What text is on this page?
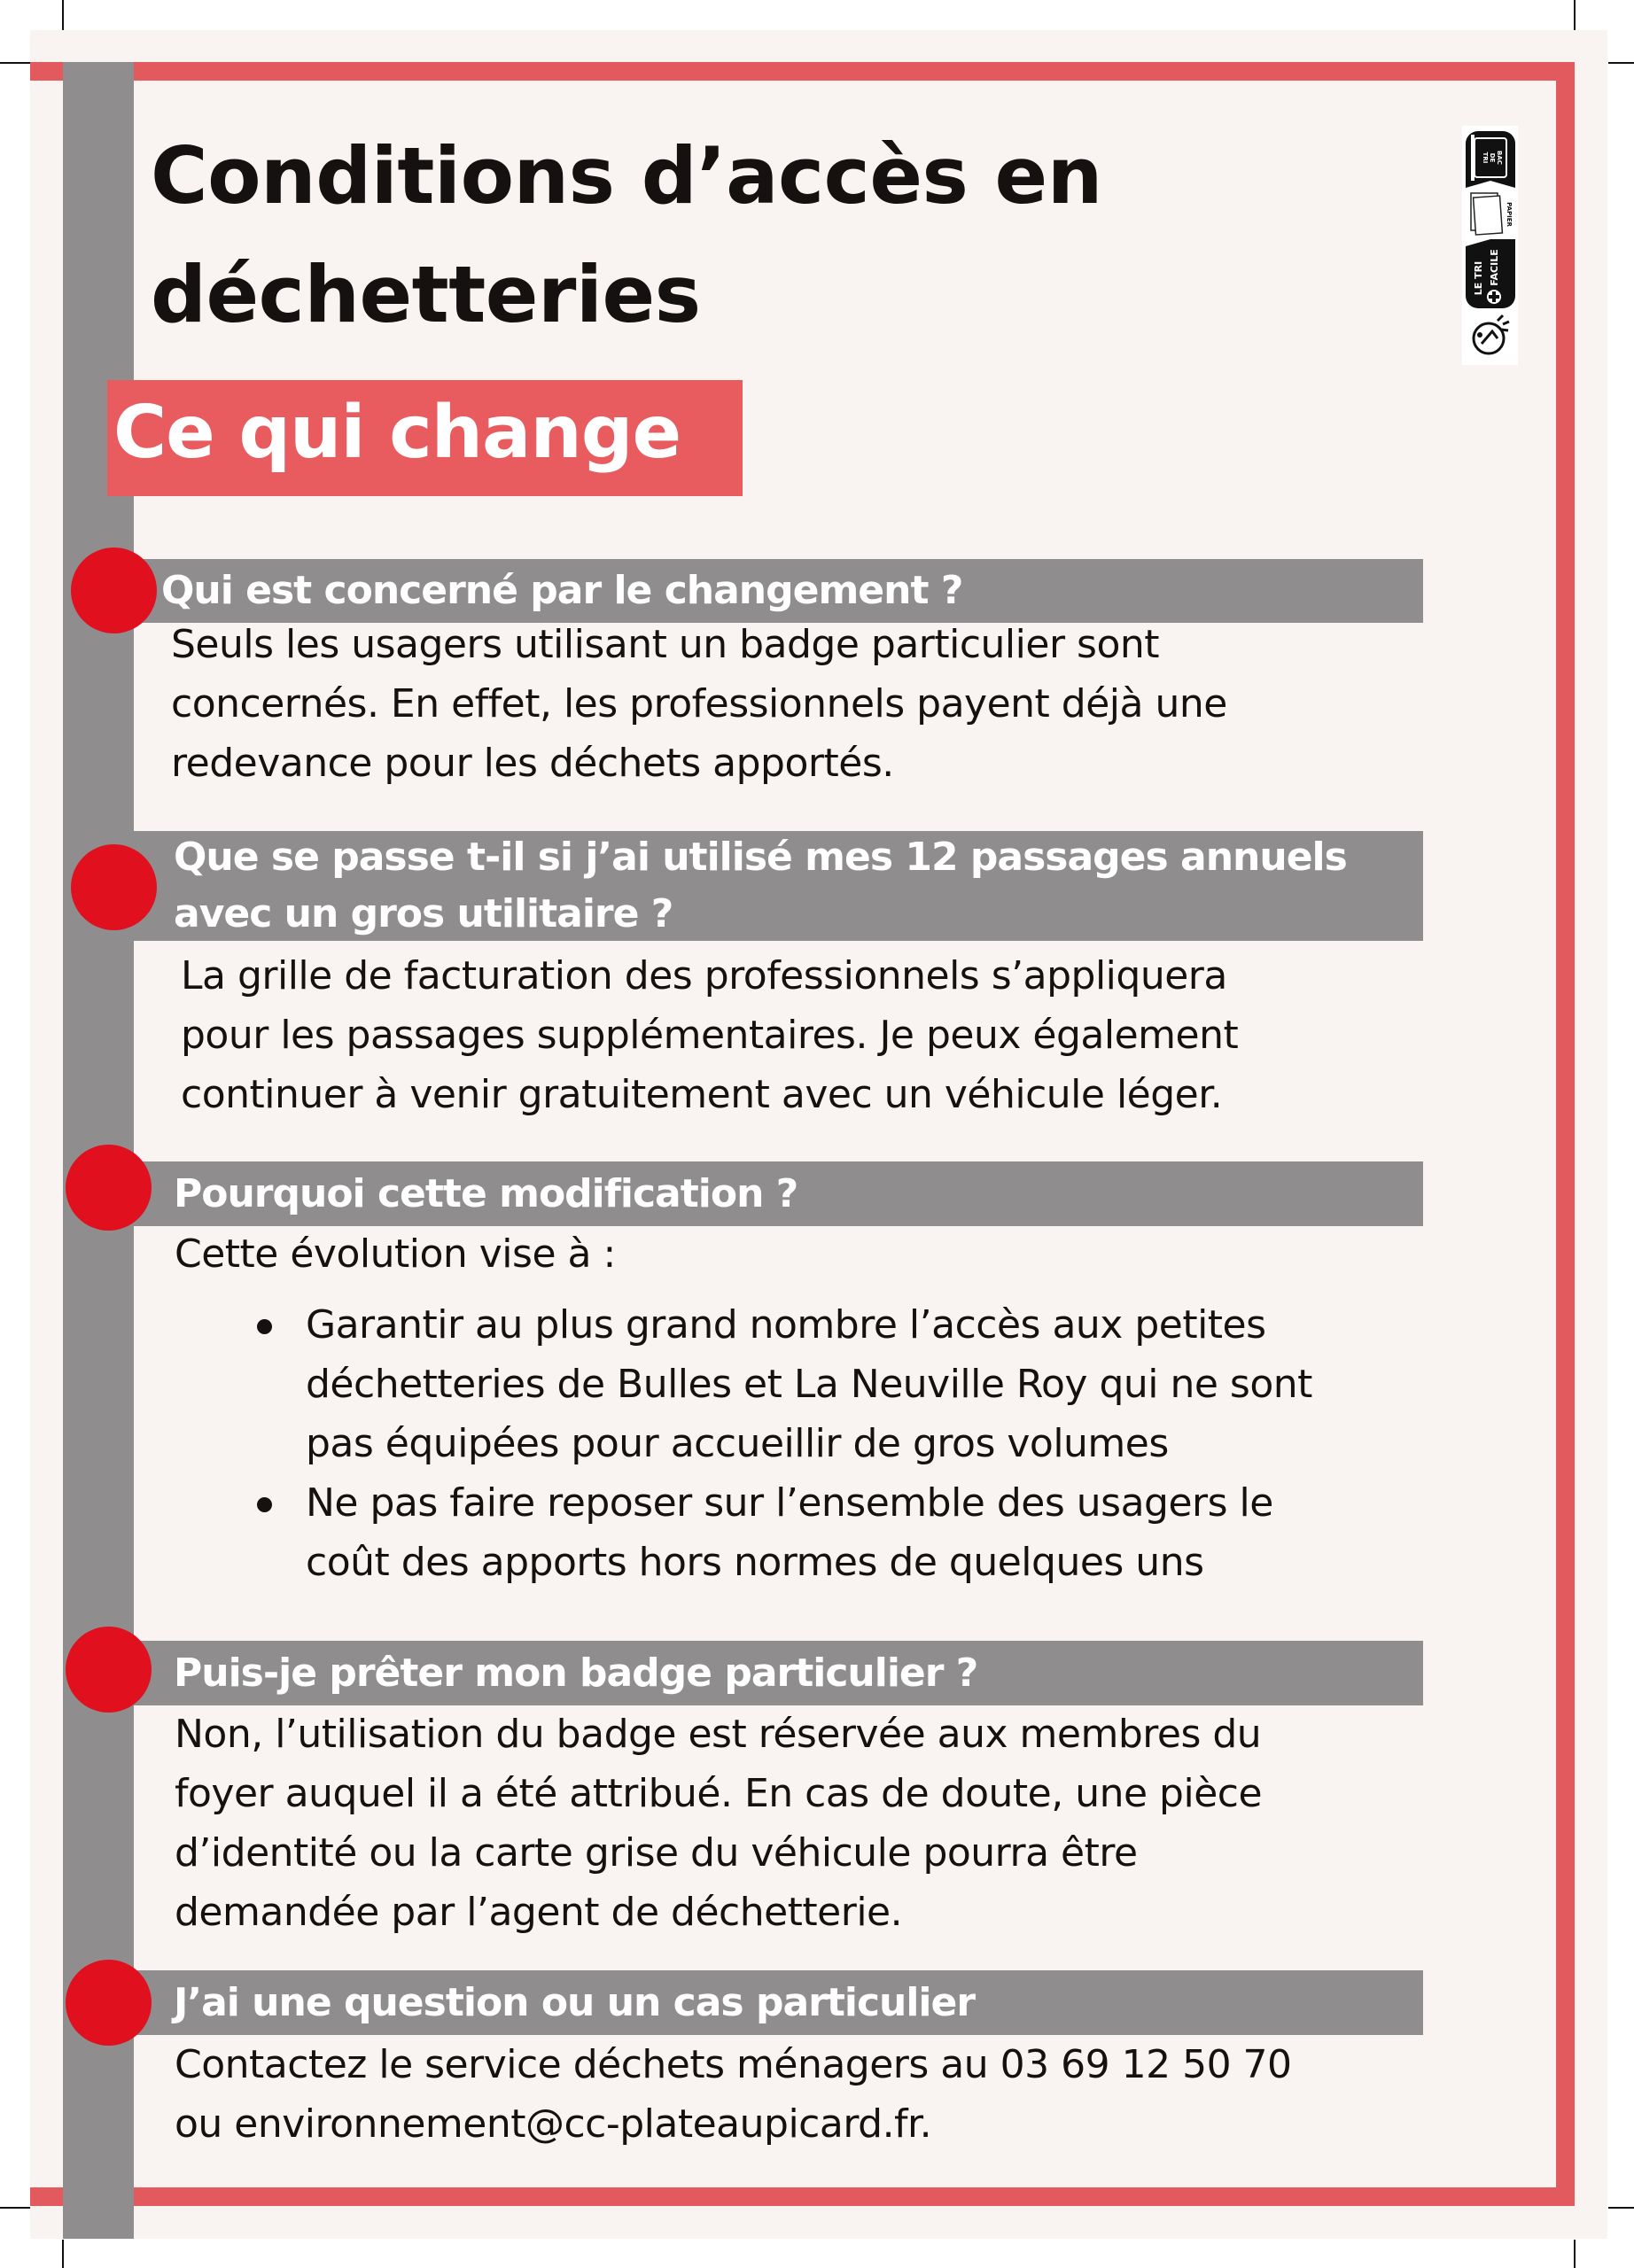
Conditions d’accès en
déchetteries
Ce qui change
BAC
DE
TRI
PAPIER
LE TRI FACILE
Qui est concerné par le changement ?

Seuls les usagers utilisant un badge particulier sont
concernés. En effet, les professionnels payent déjà une
redevance pour les déchets apportés.

Que se passe t-il si j’ai utilisé mes 12 passages annuels
avec un gros utilitaire ?

La grille de facturation des professionnels s’appliquera
pour les passages supplémentaires. Je peux également
continuer à venir gratuitement avec un véhicule léger.

Pourquoi cette modification ?

Cette évolution vise à :

Garantir au plus grand nombre l’accès aux petites
déchetteries de Bulles et La Neuville Roy qui ne sont
pas équipées pour accueillir de gros volumes
Ne pas faire reposer sur l’ensemble des usagers le
coût des apports hors normes de quelques uns
Puis-je prêter mon badge particulier ?

Non, l’utilisation du badge est réservée aux membres du
foyer auquel il a été attribué. En cas de doute, une pièce
d’identité ou la carte grise du véhicule pourra être
demandée par l’agent de déchetterie.

J’ai une question ou un cas particulier

Contactez le service déchets ménagers au 03 69 12 50 70
ou environnement@cc-plateaupicard.fr.
